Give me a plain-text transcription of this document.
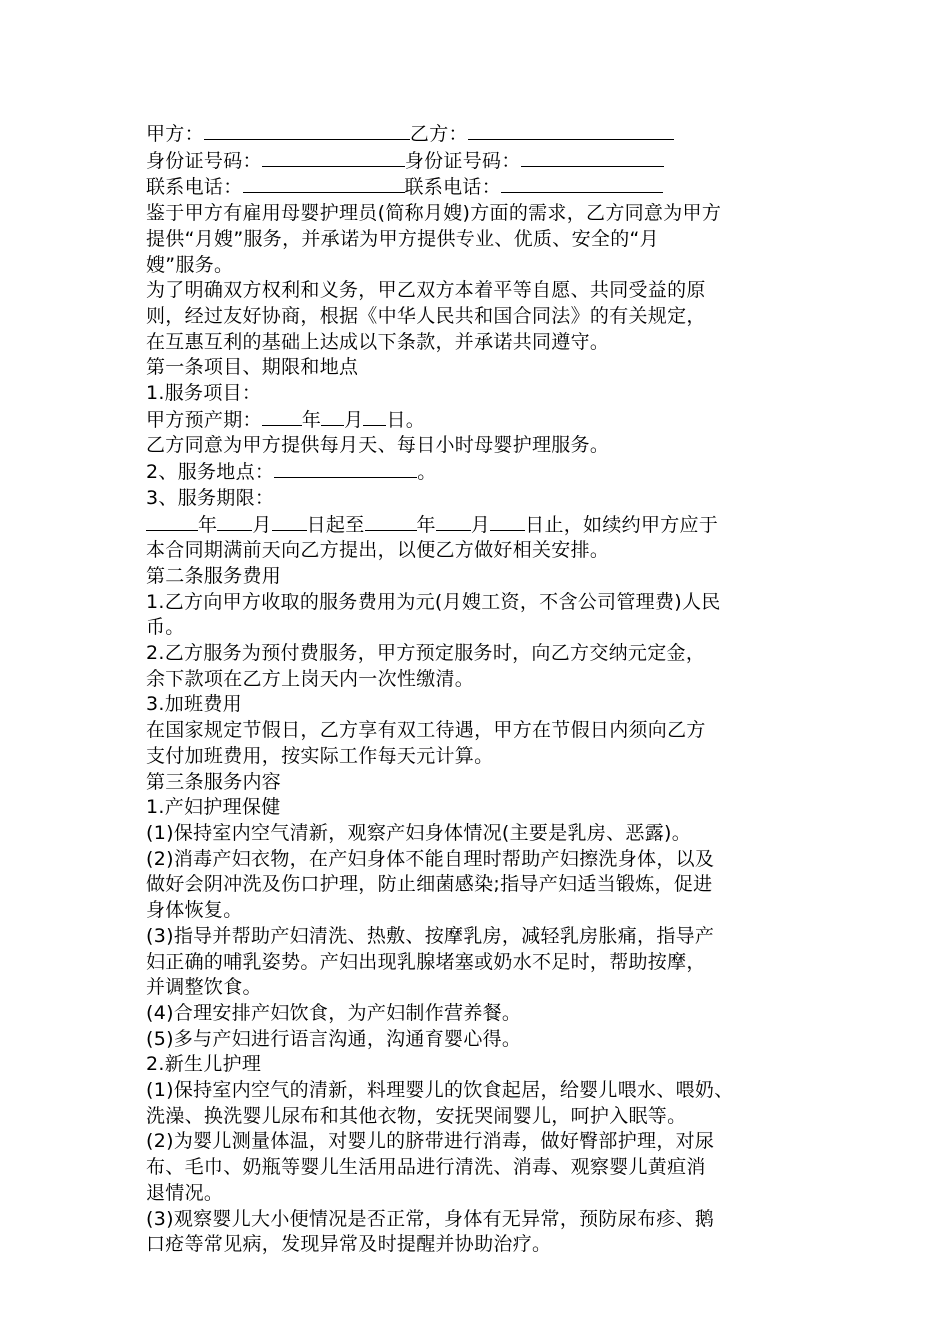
甲方：	乙方：
身份证号码：	身份证号码：
联系电话：	联系电话：
鉴于甲方有雇用母婴护理员(简称月嫂)方面的需求，乙方同意为甲方
提供“月嫂”服务，并承诺为甲方提供专业、优质、安全的“月
嫂”服务。
为了明确双方权利和义务，甲乙双方本着平等自愿、共同受益的原
则，经过友好协商，根据《中华人民共和国合同法》的有关规定，
在互惠互利的基础上达成以下条款，并承诺共同遵守。
第一条项目、期限和地点
1.服务项目：
甲方预产期： 年 月 日。
乙方同意为甲方提供每月天、每日小时母婴护理服务。
2、服务地点：	。
3、服务期限：
年 月 日起至	年 月 日止，如续约甲方应于
本合同期满前天向乙方提出，以便乙方做好相关安排。
第二条服务费用
1.乙方向甲方收取的服务费用为元(月嫂工资，不含公司管理费)人民
币。
2.乙方服务为预付费服务，甲方预定服务时，向乙方交纳元定金，
余下款项在乙方上岗天内一次性缴清。
3.加班费用
在国家规定节假日，乙方享有双工待遇，甲方在节假日内须向乙方
支付加班费用，按实际工作每天元计算。
第三条服务内容
1.产妇护理保健
(1)保持室内空气清新，观察产妇身体情况(主要是乳房、恶露)。
(2)消毒产妇衣物，在产妇身体不能自理时帮助产妇擦洗身体，以及
做好会阴冲洗及伤口护理，防止细菌感染;指导产妇适当锻炼，促进
身体恢复。
(3)指导并帮助产妇清洗、热敷、按摩乳房，减轻乳房胀痛，指导产
妇正确的哺乳姿势。产妇出现乳腺堵塞或奶水不足时，帮助按摩，
并调整饮食。
(4)合理安排产妇饮食，为产妇制作营养餐。
(5)多与产妇进行语言沟通，沟通育婴心得。
2.新生儿护理
(1)保持室内空气的清新，料理婴儿的饮食起居，给婴儿喂水、喂奶、
洗澡、换洗婴儿尿布和其他衣物，安抚哭闹婴儿，呵护入眠等。
(2)为婴儿测量体温，对婴儿的脐带进行消毒，做好臀部护理，对尿
布、毛巾、奶瓶等婴儿生活用品进行清洗、消毒、观察婴儿黄疸消
退情况。
(3)观察婴儿大小便情况是否正常，身体有无异常，预防尿布疹、鹅
口疮等常见病，发现异常及时提醒并协助治疗。
